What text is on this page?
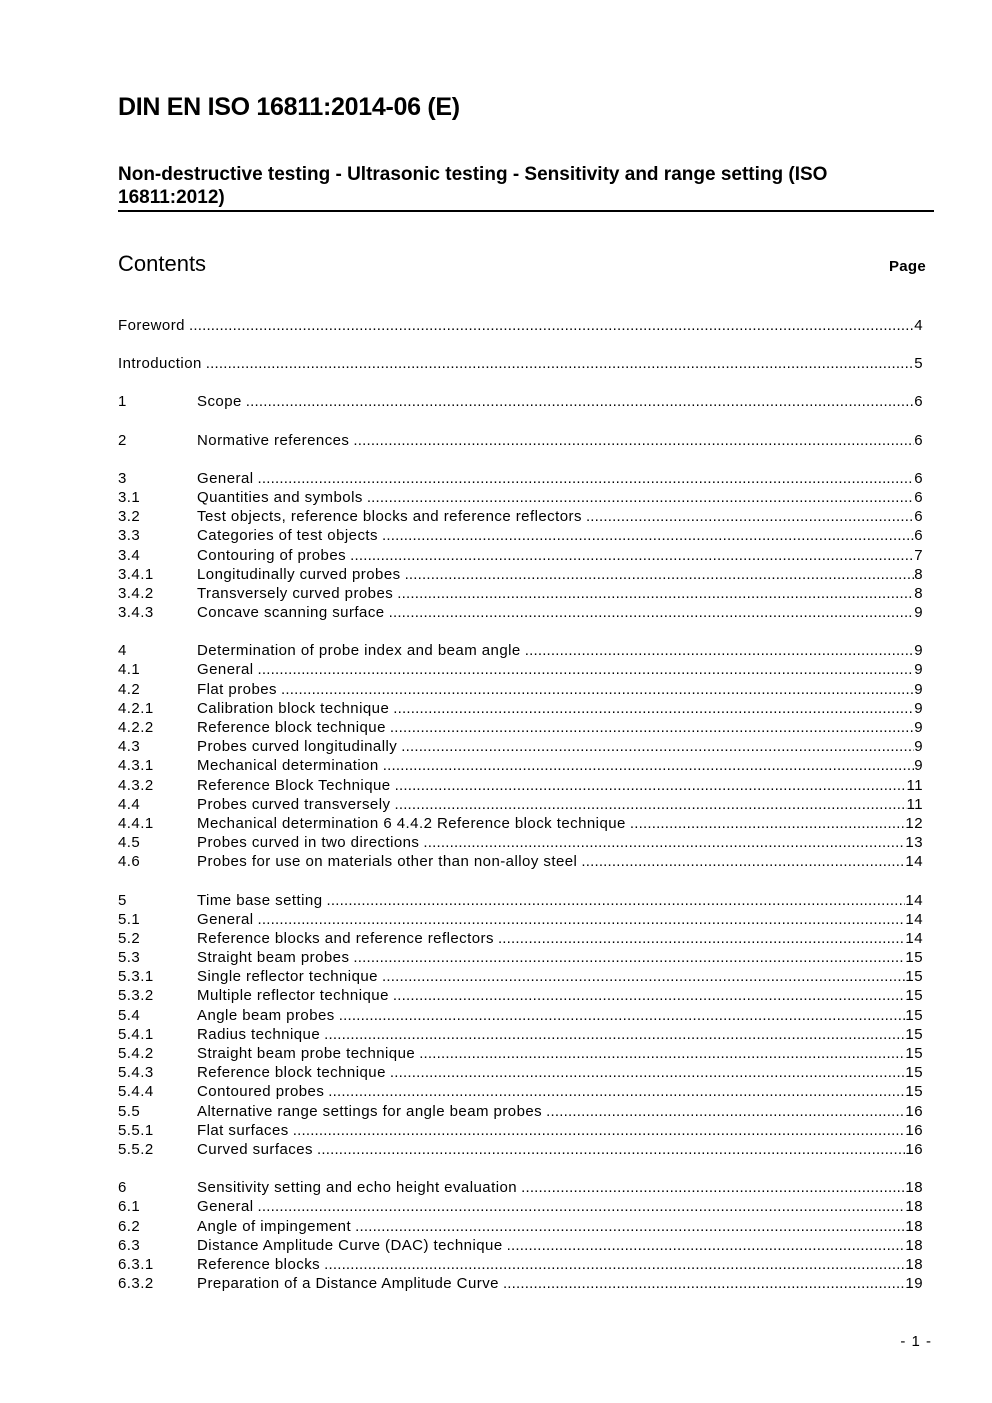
DIN EN ISO 16811:2014-06 (E)
Non-destructive testing - Ultrasonic testing - Sensitivity and range setting (ISO 16811:2012)
Contents	Page
Foreword .....	4
Introduction .....	5
1	Scope .....	6
2	Normative references .....	6
3	General .....	6
3.1	Quantities and symbols .....	6
3.2	Test objects, reference blocks and reference reflectors .....	6
3.3	Categories of test objects .....	6
3.4	Contouring of probes .....	7
3.4.1	Longitudinally curved probes .....	8
3.4.2	Transversely curved probes .....	8
3.4.3	Concave scanning surface .....	9
4	Determination of probe index and beam angle .....	9
4.1	General .....	9
4.2	Flat probes .....	9
4.2.1	Calibration block technique .....	9
4.2.2	Reference block technique .....	9
4.3	Probes curved longitudinally .....	9
4.3.1	Mechanical determination .....	9
4.3.2	Reference Block Technique .....	11
4.4	Probes curved transversely .....	11
4.4.1	Mechanical determination 6 4.4.2 Reference block technique .....	12
4.5	Probes curved in two directions .....	13
4.6	Probes for use on materials other than non-alloy steel .....	14
5	Time base setting .....	14
5.1	General .....	14
5.2	Reference blocks and reference reflectors .....	14
5.3	Straight beam probes .....	15
5.3.1	Single reflector technique .....	15
5.3.2	Multiple reflector technique .....	15
5.4	Angle beam probes .....	15
5.4.1	Radius technique .....	15
5.4.2	Straight beam probe technique .....	15
5.4.3	Reference block technique .....	15
5.4.4	Contoured probes .....	15
5.5	Alternative range settings for angle beam probes .....	16
5.5.1	Flat surfaces .....	16
5.5.2	Curved surfaces .....	16
6	Sensitivity setting and echo height evaluation .....	18
6.1	General .....	18
6.2	Angle of impingement .....	18
6.3	Distance Amplitude Curve (DAC) technique .....	18
6.3.1	Reference blocks .....	18
6.3.2	Preparation of a Distance Amplitude Curve .....	19
- 1 -
